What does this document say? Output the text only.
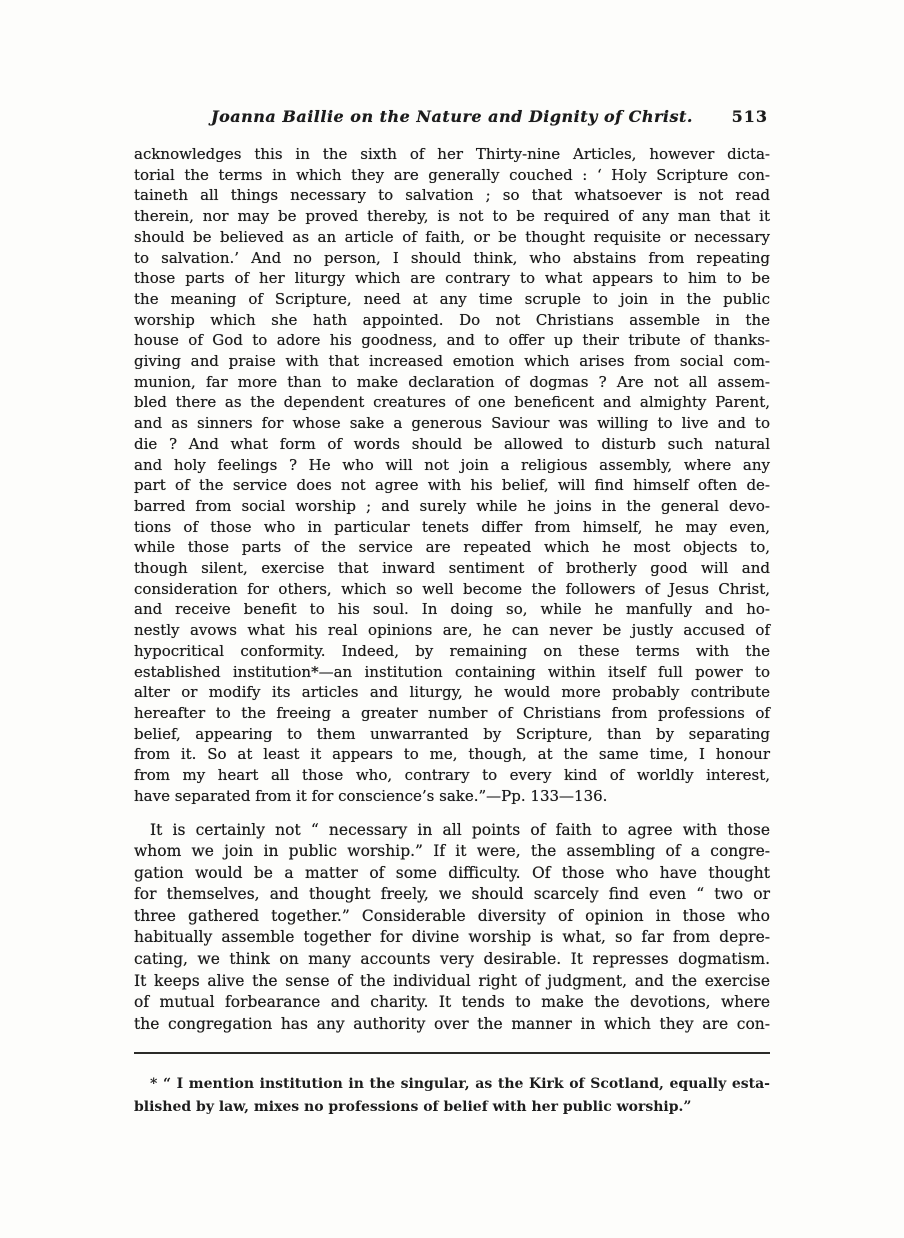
Joanna Baillie on the Nature and Dignity of Christ. 513
acknowledges this in the sixth of her Thirty-nine Articles, however dicta-
torial the terms in which they are generally couched : ‘ Holy Scripture con-
taineth all things necessary to salvation ; so that whatsoever is not read
therein, nor may be proved thereby, is not to be required of any man that it
should be believed as an article of faith, or be thought requisite or necessary
to salvation.’ And no person, I should think, who abstains from repeating
those parts of her liturgy which are contrary to what appears to him to be
the meaning of Scripture, need at any time scruple to join in the public
worship which she hath appointed. Do not Christians assemble in the
house of God to adore his goodness, and to offer up their tribute of thanks-
giving and praise with that increased emotion which arises from social com-
munion, far more than to make declaration of dogmas ? Are not all assem-
bled there as the dependent creatures of one beneficent and almighty Parent,
and as sinners for whose sake a generous Saviour was willing to live and to
die ? And what form of words should be allowed to disturb such natural
and holy feelings ? He who will not join a religious assembly, where any
part of the service does not agree with his belief, will find himself often de-
barred from social worship ; and surely while he joins in the general devo-
tions of those who in particular tenets differ from himself, he may even,
while those parts of the service are repeated which he most objects to,
though silent, exercise that inward sentiment of brotherly good will and
consideration for others, which so well become the followers of Jesus Christ,
and receive benefit to his soul. In doing so, while he manfully and ho-
nestly avows what his real opinions are, he can never be justly accused of
hypocritical conformity. Indeed, by remaining on these terms with the
established institution*—an institution containing within itself full power to
alter or modify its articles and liturgy, he would more probably contribute
hereafter to the freeing a greater number of Christians from professions of
belief, appearing to them unwarranted by Scripture, than by separating
from it. So at least it appears to me, though, at the same time, I honour
from my heart all those who, contrary to every kind of worldly interest,
have separated from it for conscience’s sake.”—Pp. 133—136.
It is certainly not “ necessary in all points of faith to agree with those
whom we join in public worship.” If it were, the assembling of a congre-
gation would be a matter of some difficulty. Of those who have thought
for themselves, and thought freely, we should scarcely find even “ two or
three gathered together.” Considerable diversity of opinion in those who
habitually assemble together for divine worship is what, so far from depre-
cating, we think on many accounts very desirable. It represses dogmatism.
It keeps alive the sense of the individual right of judgment, and the exercise
of mutual forbearance and charity. It tends to make the devotions, where
the congregation has any authority over the manner in which they are con-
* “ I mention institution in the singular, as the Kirk of Scotland, equally esta-
blished by law, mixes no professions of belief with her public worship.”
